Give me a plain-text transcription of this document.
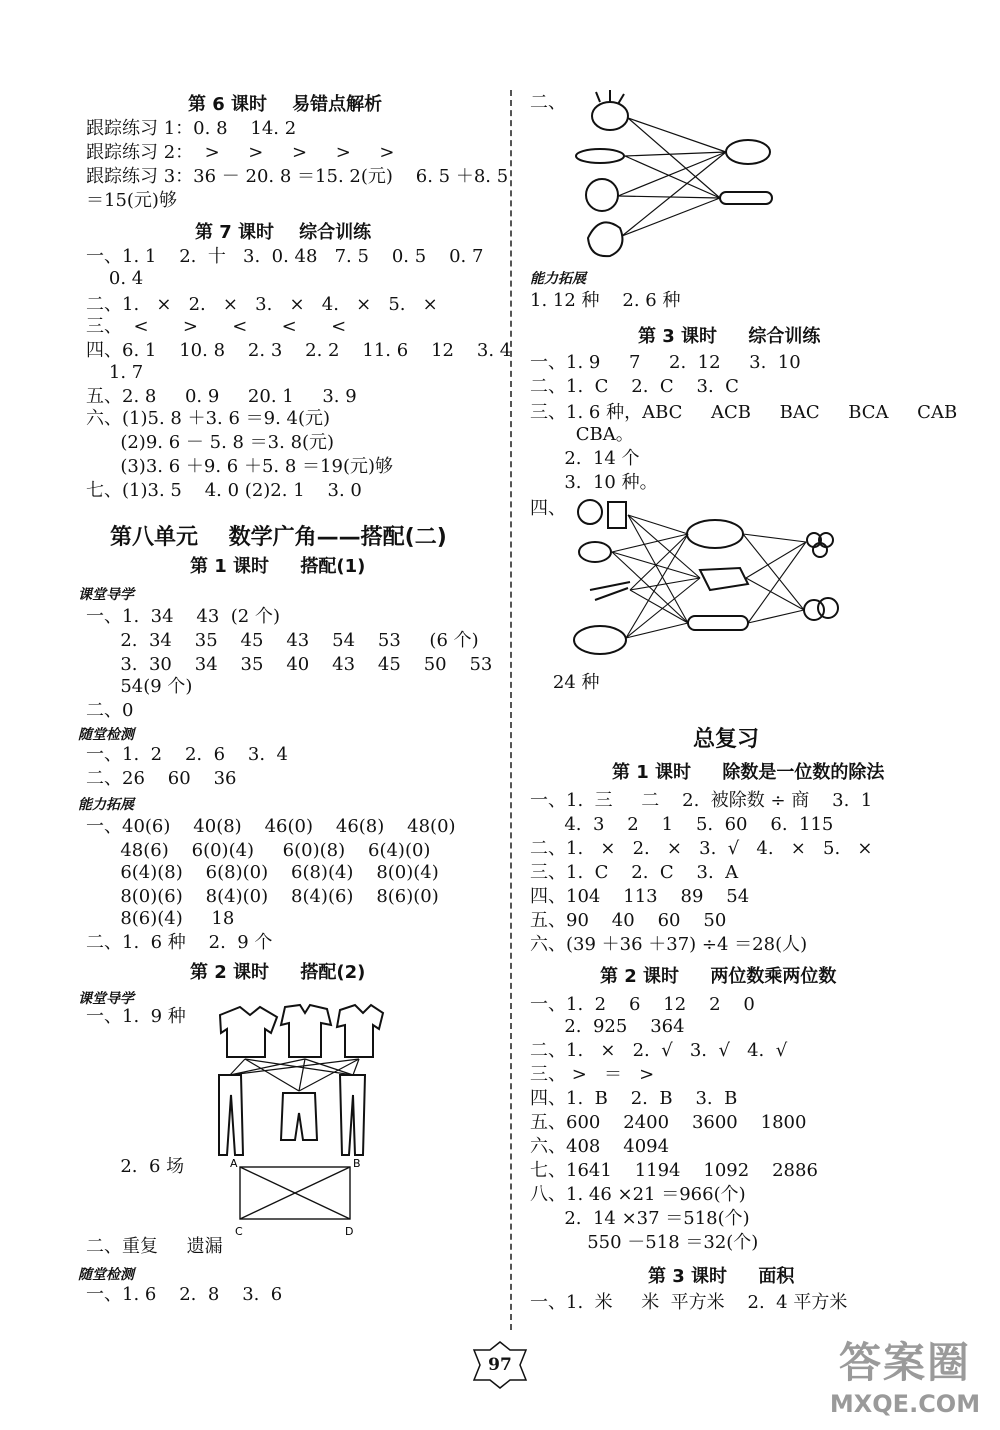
第 6 课时    易错点解析
跟踪练习 1：0. 8    14. 2
跟踪练习 2：  >     >     >     >     >
跟踪练习 3：36 － 20. 8 ＝15. 2(元)    6. 5 ＋8. 5
＝15(元)够
第 7 课时    综合训练
一、1. 1    2.  十   3.  0. 48   7. 5    0. 5    0. 7
0. 4
二、1.   ×   2.   ×   3.   ×   4.   ×   5.   ×
三、  <      >      <      <      <
四、6. 1    10. 8    2. 3    2. 2    11. 6    12    3. 4
1. 7
五、2. 8     0. 9     20. 1     3. 9
六、(1)5. 8 ＋3. 6 ＝9. 4(元)
(2)9. 6 － 5. 8 ＝3. 8(元)
(3)3. 6 ＋9. 6 ＋5. 8 ＝19(元)够
七、(1)3. 5    4. 0 (2)2. 1    3. 0
第八单元    数学广角——搭配(二)
第 1 课时     搭配(1)
课堂导学
一、1.  34    43  (2 个)
2.  34    35    45    43    54    53     (6 个)
3.  30    34    35    40    43    45    50    53
54(9 个)
二、0
随堂检测
一、1.  2    2.  6    3.  4
二、26    60    36
能力拓展
一、40(6)    40(8)    46(0)    46(8)    48(0)
48(6)    6(0)(4)     6(0)(8)    6(4)(0)
6(4)(8)    6(8)(0)    6(8)(4)    8(0)(4)
8(0)(6)    8(4)(0)    8(4)(6)    8(6)(0)
8(6)(4)     18
二、1.  6 种    2.  9 个
第 2 课时     搭配(2)
课堂导学
一、1.  9 种
2.  6 场	A	B
C	D
二、重复     遗漏
随堂检测
一、1. 6    2.  8    3.  6
二、
能力拓展
1. 12 种    2. 6 种
第 3 课时     综合训练
一、1. 9     7     2.  12     3.  10
二、1.  C    2.  C    3.  C
三、1. 6 种，ABC     ACB     BAC     BCA     CAB
CBA。
2.  14 个
3.  10 种。
四、
24 种
总复习
第 1 课时     除数是一位数的除法
一、1.  三     二    2.  被除数 ÷ 商    3.  1
4.  3    2    1    5.  60    6.  115
二、1.   ×   2.   ×   3.  √   4.   ×   5.   ×
三、1.  C    2.  C    3.  A
四、104    113    89    54
五、90    40    60    50
六、(39 ＋36 ＋37) ÷4 ＝28(人)
第 2 课时     两位数乘两位数
一、1.  2    6    12    2    0
2.  925    364
二、1.   ×   2.  √   3.  √   4.  √
三、 >   ＝   >
四、1.  B    2.  B    3.  B
五、600    2400    3600    1800
六、408    4094
七、1641    1194    1092    2886
八、1. 46 ×21 ＝966(个)
2.  14 ×37 ＝518(个)
550 －518 ＝32(个)
第 3 课时     面积
一、1.  米     米  平方米    2.  4 平方米
97	答案圈
MXQE.COM
